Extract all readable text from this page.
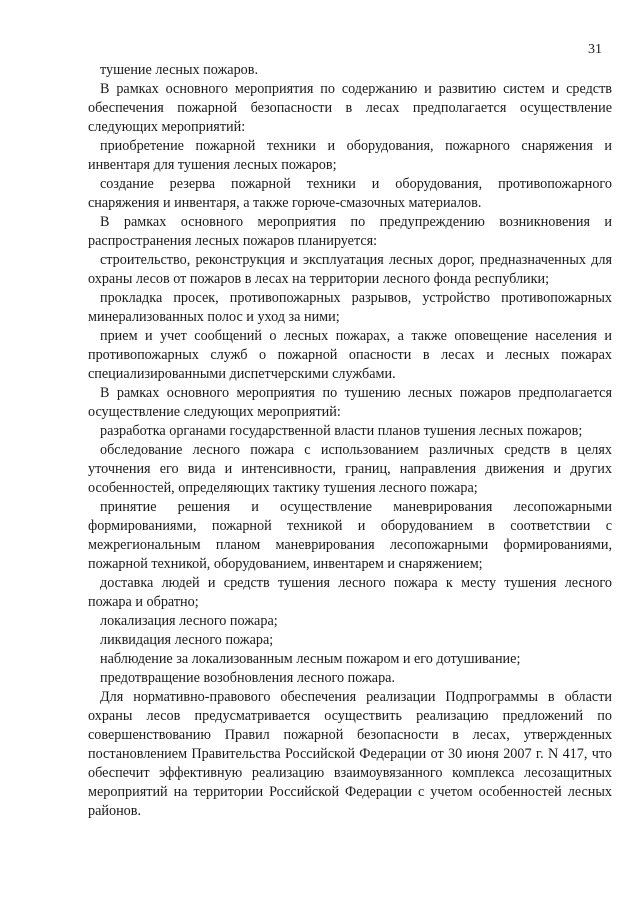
31

тушение лесных пожаров.

В рамках основного мероприятия по содержанию и развитию систем и средств обеспечения пожарной безопасности в лесах предполагается осуществление следующих мероприятий:

приобретение пожарной техники и оборудования, пожарного снаряжения и инвентаря для тушения лесных пожаров;

создание резерва пожарной техники и оборудования, противопожарного снаряжения и инвентаря, а также горюче-смазочных материалов.

В рамках основного мероприятия по предупреждению возникновения и распространения лесных пожаров планируется:

строительство, реконструкция и эксплуатация лесных дорог, предназначенных для охраны лесов от пожаров в лесах на территории лесного фонда республики;

прокладка просек, противопожарных разрывов, устройство противопожарных минерализованных полос и уход за ними;

прием и учет сообщений о лесных пожарах, а также оповещение населения и противопожарных служб о пожарной опасности в лесах и лесных пожарах специализированными диспетчерскими службами.

В рамках основного мероприятия по тушению лесных пожаров предполагается осуществление следующих мероприятий:

разработка органами государственной власти планов тушения лесных пожаров;

обследование лесного пожара с использованием различных средств в целях уточнения его вида и интенсивности, границ, направления движения и других особенностей, определяющих тактику тушения лесного пожара;

принятие решения и осуществление маневрирования лесопожарными формированиями, пожарной техникой и оборудованием в соответствии с межрегиональным планом маневрирования лесопожарными формированиями, пожарной техникой, оборудованием, инвентарем и снаряжением;

доставка людей и средств тушения лесного пожара к месту тушения лесного пожара и обратно;

локализация лесного пожара;

ликвидация лесного пожара;

наблюдение за локализованным лесным пожаром и его дотушивание;

предотвращение возобновления лесного пожара.

Для нормативно-правового обеспечения реализации Подпрограммы в области охраны лесов предусматривается осуществить реализацию предложений по совершенствованию Правил пожарной безопасности в лесах, утвержденных постановлением Правительства Российской Федерации от 30 июня 2007 г. N 417, что обеспечит эффективную реализацию взаимоувязанного комплекса лесозащитных мероприятий на территории Российской Федерации с учетом особенностей лесных районов.
